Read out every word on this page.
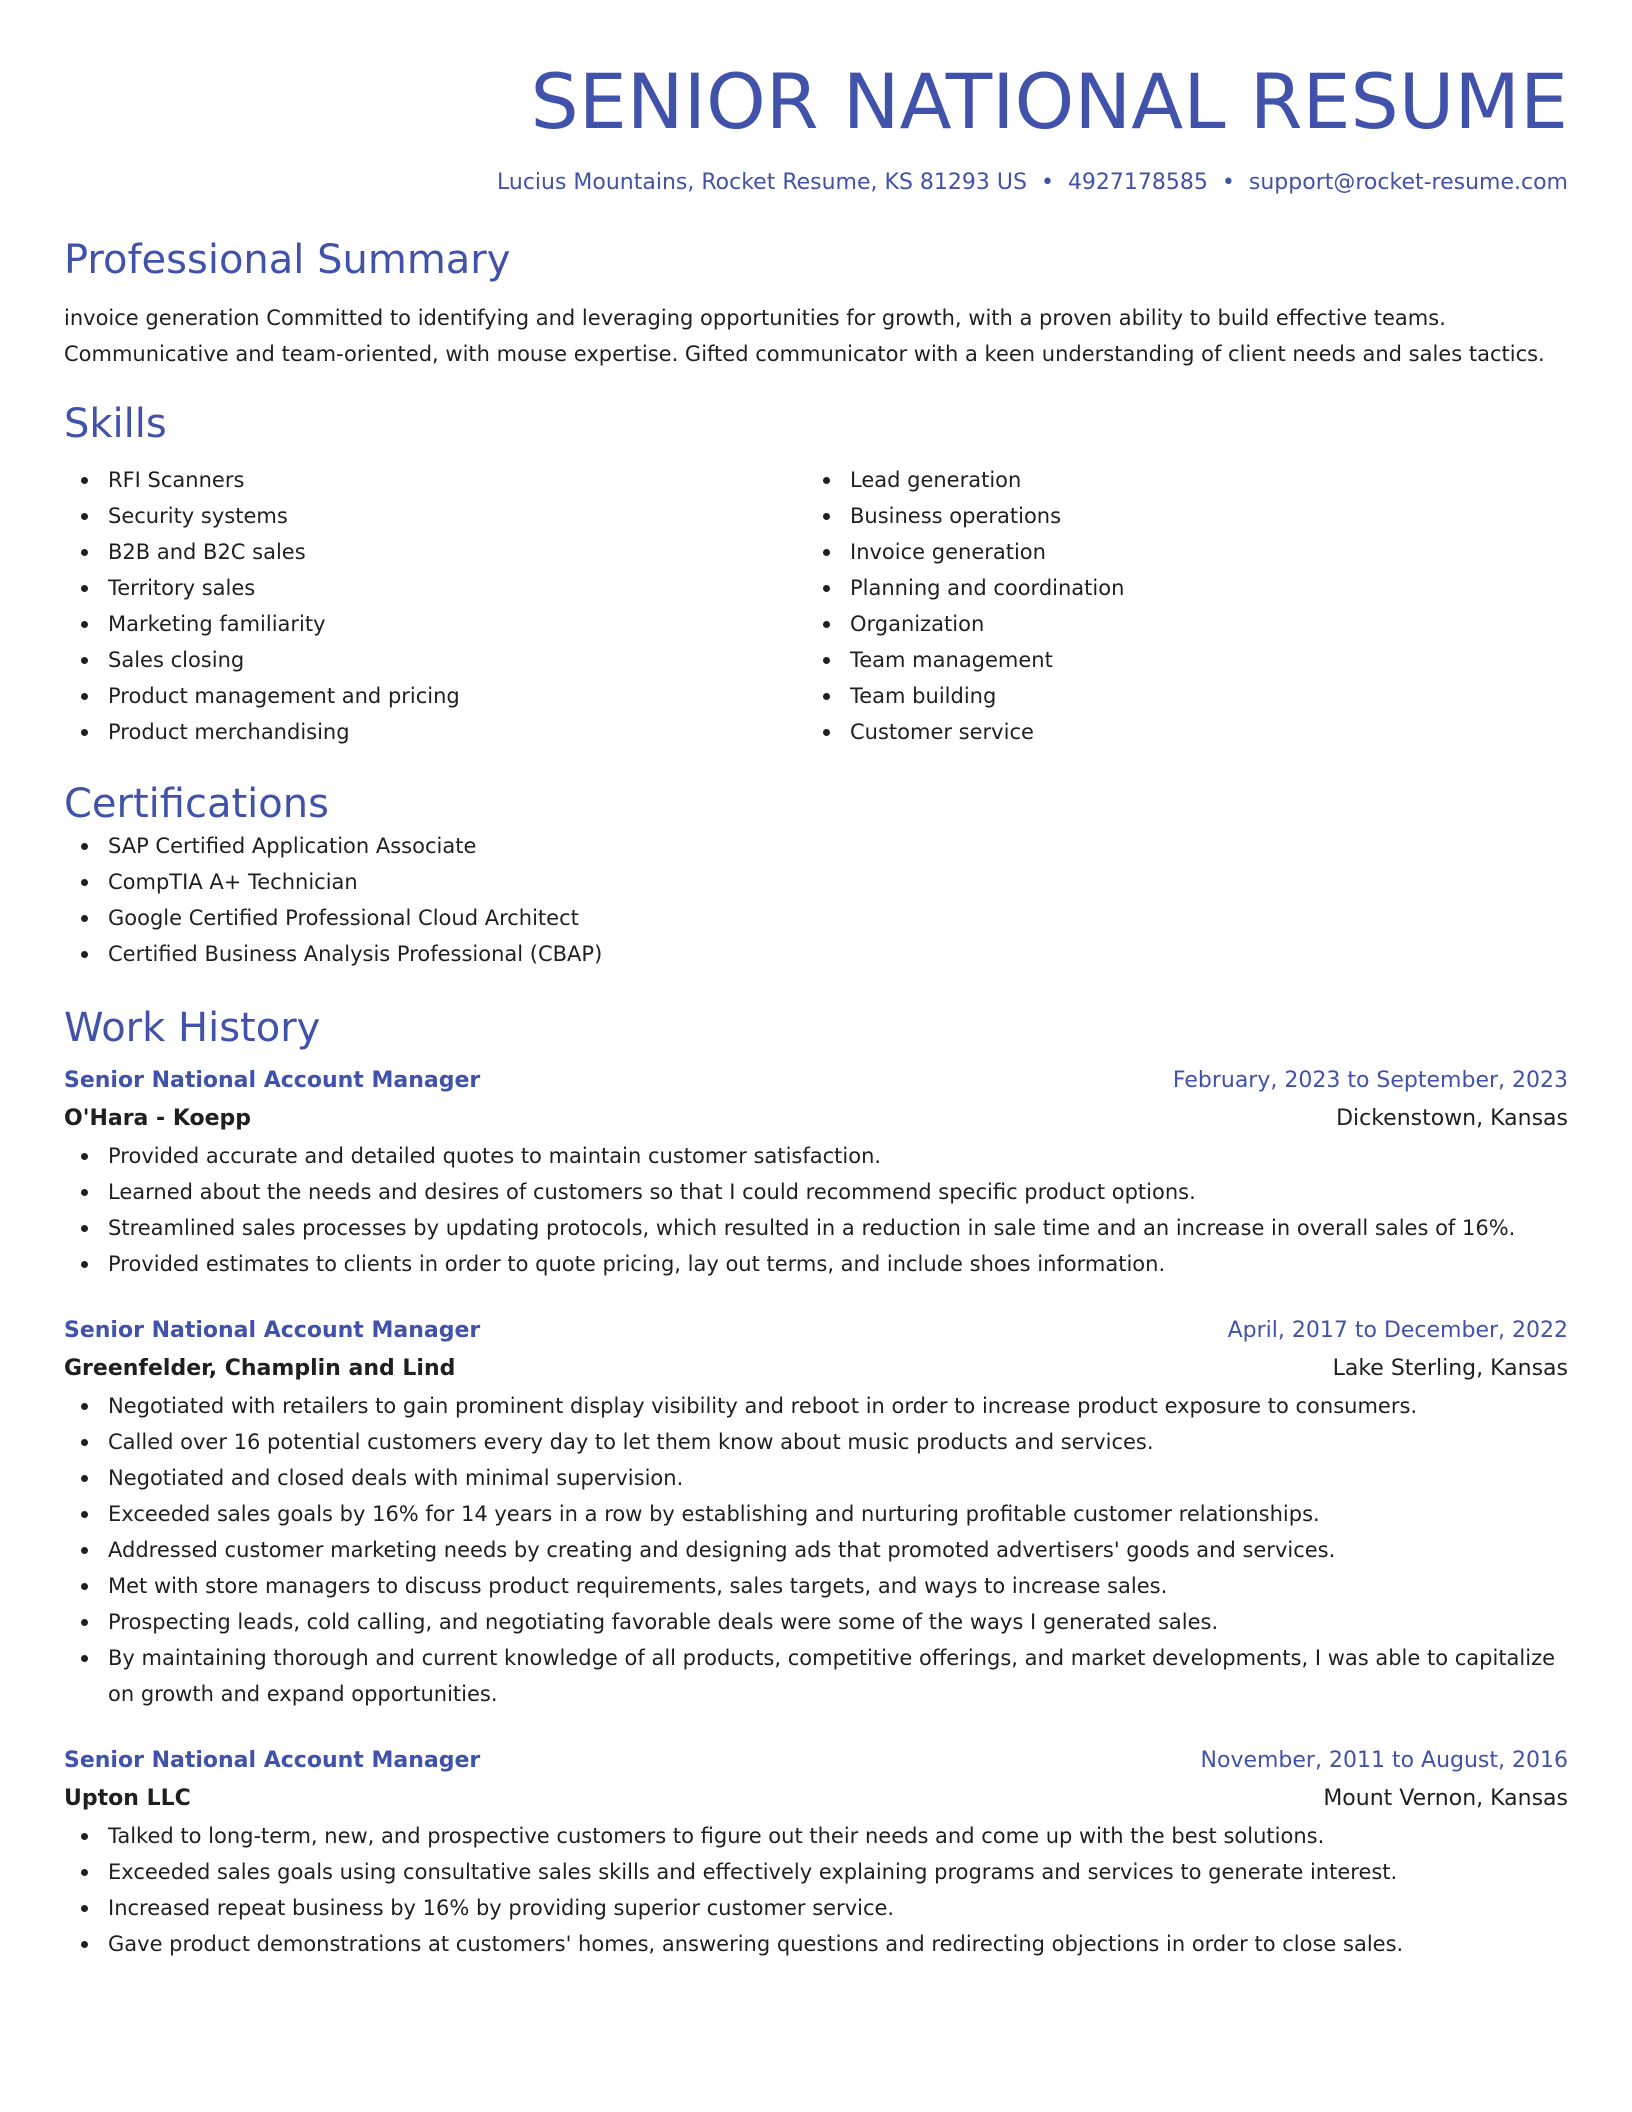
SENIOR NATIONAL RESUME
Lucius Mountains, Rocket Resume, KS 81293 US • 4927178585 • support@rocket-resume.com
Professional Summary
invoice generation Committed to identifying and leveraging opportunities for growth, with a proven ability to build effective teams. Communicative and team-oriented, with mouse expertise. Gifted communicator with a keen understanding of client needs and sales tactics.
Skills
RFI Scanners
Security systems
B2B and B2C sales
Territory sales
Marketing familiarity
Sales closing
Product management and pricing
Product merchandising
Lead generation
Business operations
Invoice generation
Planning and coordination
Organization
Team management
Team building
Customer service
Certifications
SAP Certified Application Associate
CompTIA A+ Technician
Google Certified Professional Cloud Architect
Certified Business Analysis Professional (CBAP)
Work History
Senior National Account Manager	February, 2023 to September, 2023
O'Hara - Koepp	Dickenstown, Kansas
Provided accurate and detailed quotes to maintain customer satisfaction.
Learned about the needs and desires of customers so that I could recommend specific product options.
Streamlined sales processes by updating protocols, which resulted in a reduction in sale time and an increase in overall sales of 16%.
Provided estimates to clients in order to quote pricing, lay out terms, and include shoes information.
Senior National Account Manager	April, 2017 to December, 2022
Greenfelder, Champlin and Lind	Lake Sterling, Kansas
Negotiated with retailers to gain prominent display visibility and reboot in order to increase product exposure to consumers.
Called over 16 potential customers every day to let them know about music products and services.
Negotiated and closed deals with minimal supervision.
Exceeded sales goals by 16% for 14 years in a row by establishing and nurturing profitable customer relationships.
Addressed customer marketing needs by creating and designing ads that promoted advertisers' goods and services.
Met with store managers to discuss product requirements, sales targets, and ways to increase sales.
Prospecting leads, cold calling, and negotiating favorable deals were some of the ways I generated sales.
By maintaining thorough and current knowledge of all products, competitive offerings, and market developments, I was able to capitalize on growth and expand opportunities.
Senior National Account Manager	November, 2011 to August, 2016
Upton LLC	Mount Vernon, Kansas
Talked to long-term, new, and prospective customers to figure out their needs and come up with the best solutions.
Exceeded sales goals using consultative sales skills and effectively explaining programs and services to generate interest.
Increased repeat business by 16% by providing superior customer service.
Gave product demonstrations at customers' homes, answering questions and redirecting objections in order to close sales.
